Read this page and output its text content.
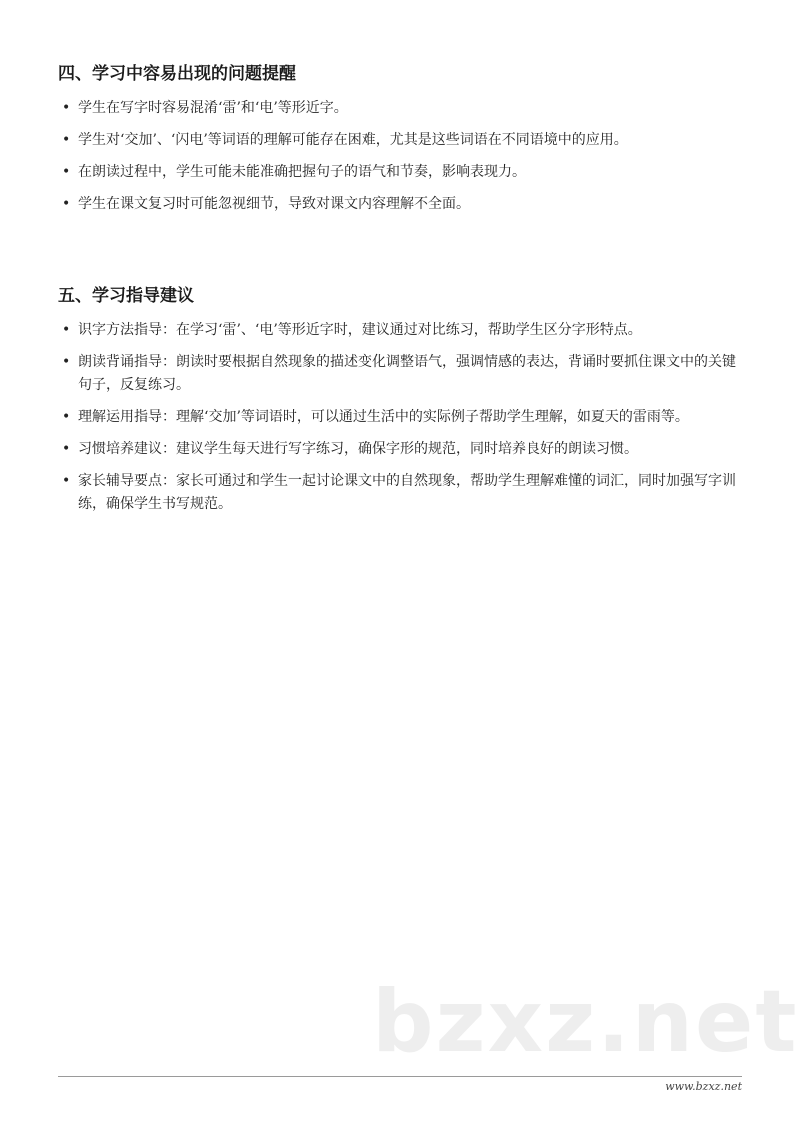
四、学习中容易出现的问题提醒
• 学生在写字时容易混淆‘雷’和‘电’等形近字。
• 学生对‘交加’、‘闪电’等词语的理解可能存在困难，尤其是这些词语在不同语境中的应用。
• 在朗读过程中，学生可能未能准确把握句子的语气和节奏，影响表现力。
• 学生在课文复习时可能忽视细节，导致对课文内容理解不全面。
五、学习指导建议
• 识字方法指导：在学习‘雷’、‘电’等形近字时，建议通过对比练习，帮助学生区分字形特点。
• 朗读背诵指导：朗读时要根据自然现象的描述变化调整语气，强调情感的表达，背诵时要抓住课文中的关键句子，反复练习。
• 理解运用指导：理解‘交加’等词语时，可以通过生活中的实际例子帮助学生理解，如夏天的雷雨等。
• 习惯培养建议：建议学生每天进行写字练习，确保字形的规范，同时培养良好的朗读习惯。
• 家长辅导要点：家长可通过和学生一起讨论课文中的自然现象，帮助学生理解难懂的词汇，同时加强写字训练，确保学生书写规范。
bzxz.net
www.bzxz.net
